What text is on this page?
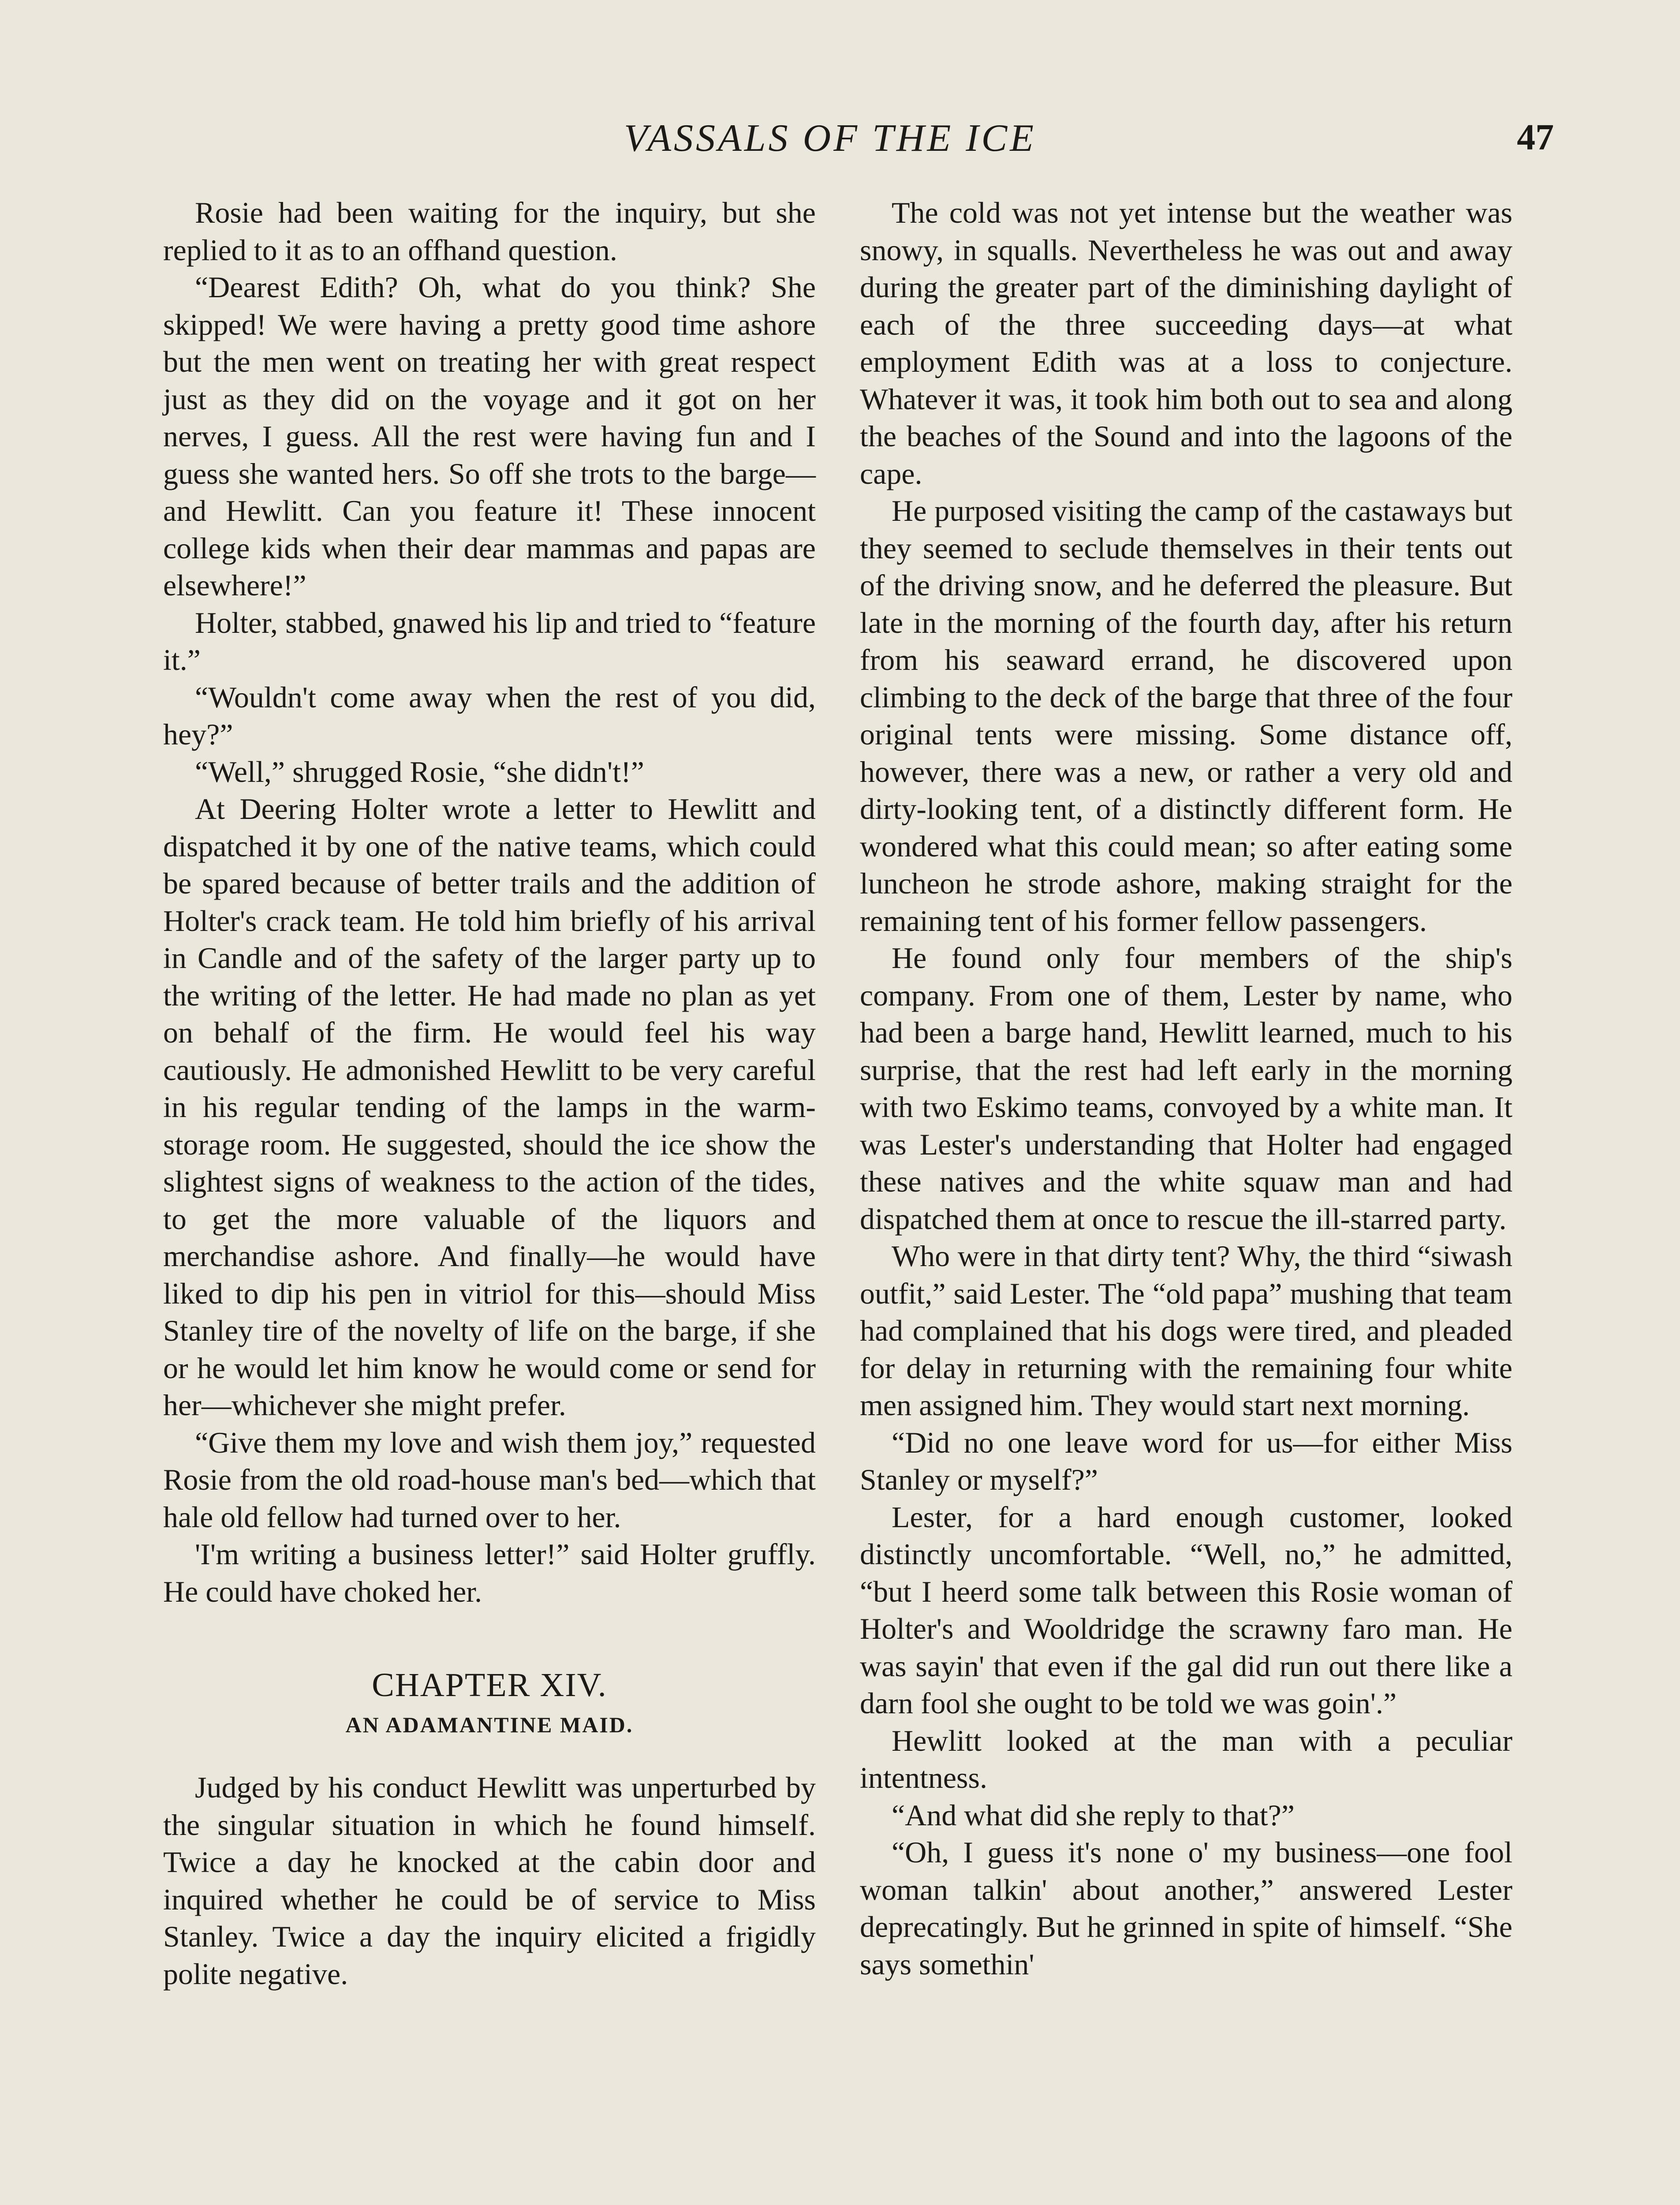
VASSALS OF THE ICE	47

Rosie had been waiting for the inquiry, but she replied to it as to an offhand question.

“Dearest Edith? Oh, what do you think? She skipped! We were having a pretty good time ashore but the men went on treating her with great respect just as they did on the voyage and it got on her nerves, I guess. All the rest were having fun and I guess she wanted hers. So off she trots to the barge—and Hewlitt. Can you feature it! These innocent college kids when their dear mammas and papas are elsewhere!”

Holter, stabbed, gnawed his lip and tried to “feature it.”

“Wouldn't come away when the rest of you did, hey?”

“Well,” shrugged Rosie, “she didn't!”

At Deering Holter wrote a letter to Hewlitt and dispatched it by one of the native teams, which could be spared because of better trails and the addition of Holter's crack team. He told him briefly of his arrival in Candle and of the safety of the larger party up to the writing of the letter. He had made no plan as yet on behalf of the firm. He would feel his way cautiously. He admonished Hewlitt to be very careful in his regular tending of the lamps in the warm-storage room. He suggested, should the ice show the slightest signs of weakness to the action of the tides, to get the more valuable of the liquors and merchandise ashore. And finally—he would have liked to dip his pen in vitriol for this—should Miss Stanley tire of the novelty of life on the barge, if she or he would let him know he would come or send for her—whichever she might prefer.

“Give them my love and wish them joy,” requested Rosie from the old road-house man's bed—which that hale old fellow had turned over to her.

'I'm writing a business letter!” said Holter gruffly. He could have choked her.

CHAPTER XIV.
AN ADAMANTINE MAID.

Judged by his conduct Hewlitt was unperturbed by the singular situation in which he found himself. Twice a day he knocked at the cabin door and inquired whether he could be of service to Miss Stanley. Twice a day the inquiry elicited a frigidly polite negative.

The cold was not yet intense but the weather was snowy, in squalls. Nevertheless he was out and away during the greater part of the diminishing daylight of each of the three succeeding days—at what employment Edith was at a loss to conjecture. Whatever it was, it took him both out to sea and along the beaches of the Sound and into the lagoons of the cape.

He purposed visiting the camp of the castaways but they seemed to seclude themselves in their tents out of the driving snow, and he deferred the pleasure. But late in the morning of the fourth day, after his return from his seaward errand, he discovered upon climbing to the deck of the barge that three of the four original tents were missing. Some distance off, however, there was a new, or rather a very old and dirty-looking tent, of a distinctly different form. He wondered what this could mean; so after eating some luncheon he strode ashore, making straight for the remaining tent of his former fellow passengers.

He found only four members of the ship's company. From one of them, Lester by name, who had been a barge hand, Hewlitt learned, much to his surprise, that the rest had left early in the morning with two Eskimo teams, convoyed by a white man. It was Lester's understanding that Holter had engaged these natives and the white squaw man and had dispatched them at once to rescue the ill-starred party.

Who were in that dirty tent? Why, the third “siwash outfit,” said Lester. The “old papa” mushing that team had complained that his dogs were tired, and pleaded for delay in returning with the remaining four white men assigned him. They would start next morning.

“Did no one leave word for us—for either Miss Stanley or myself?”

Lester, for a hard enough customer, looked distinctly uncomfortable. “Well, no,” he admitted, “but I heerd some talk between this Rosie woman of Holter's and Wooldridge the scrawny faro man. He was sayin' that even if the gal did run out there like a darn fool she ought to be told we was goin'.”

Hewlitt looked at the man with a peculiar intentness.

“And what did she reply to that?”

“Oh, I guess it's none o' my business—one fool woman talkin' about another,” answered Lester deprecatingly. But he grinned in spite of himself. “She says somethin'
